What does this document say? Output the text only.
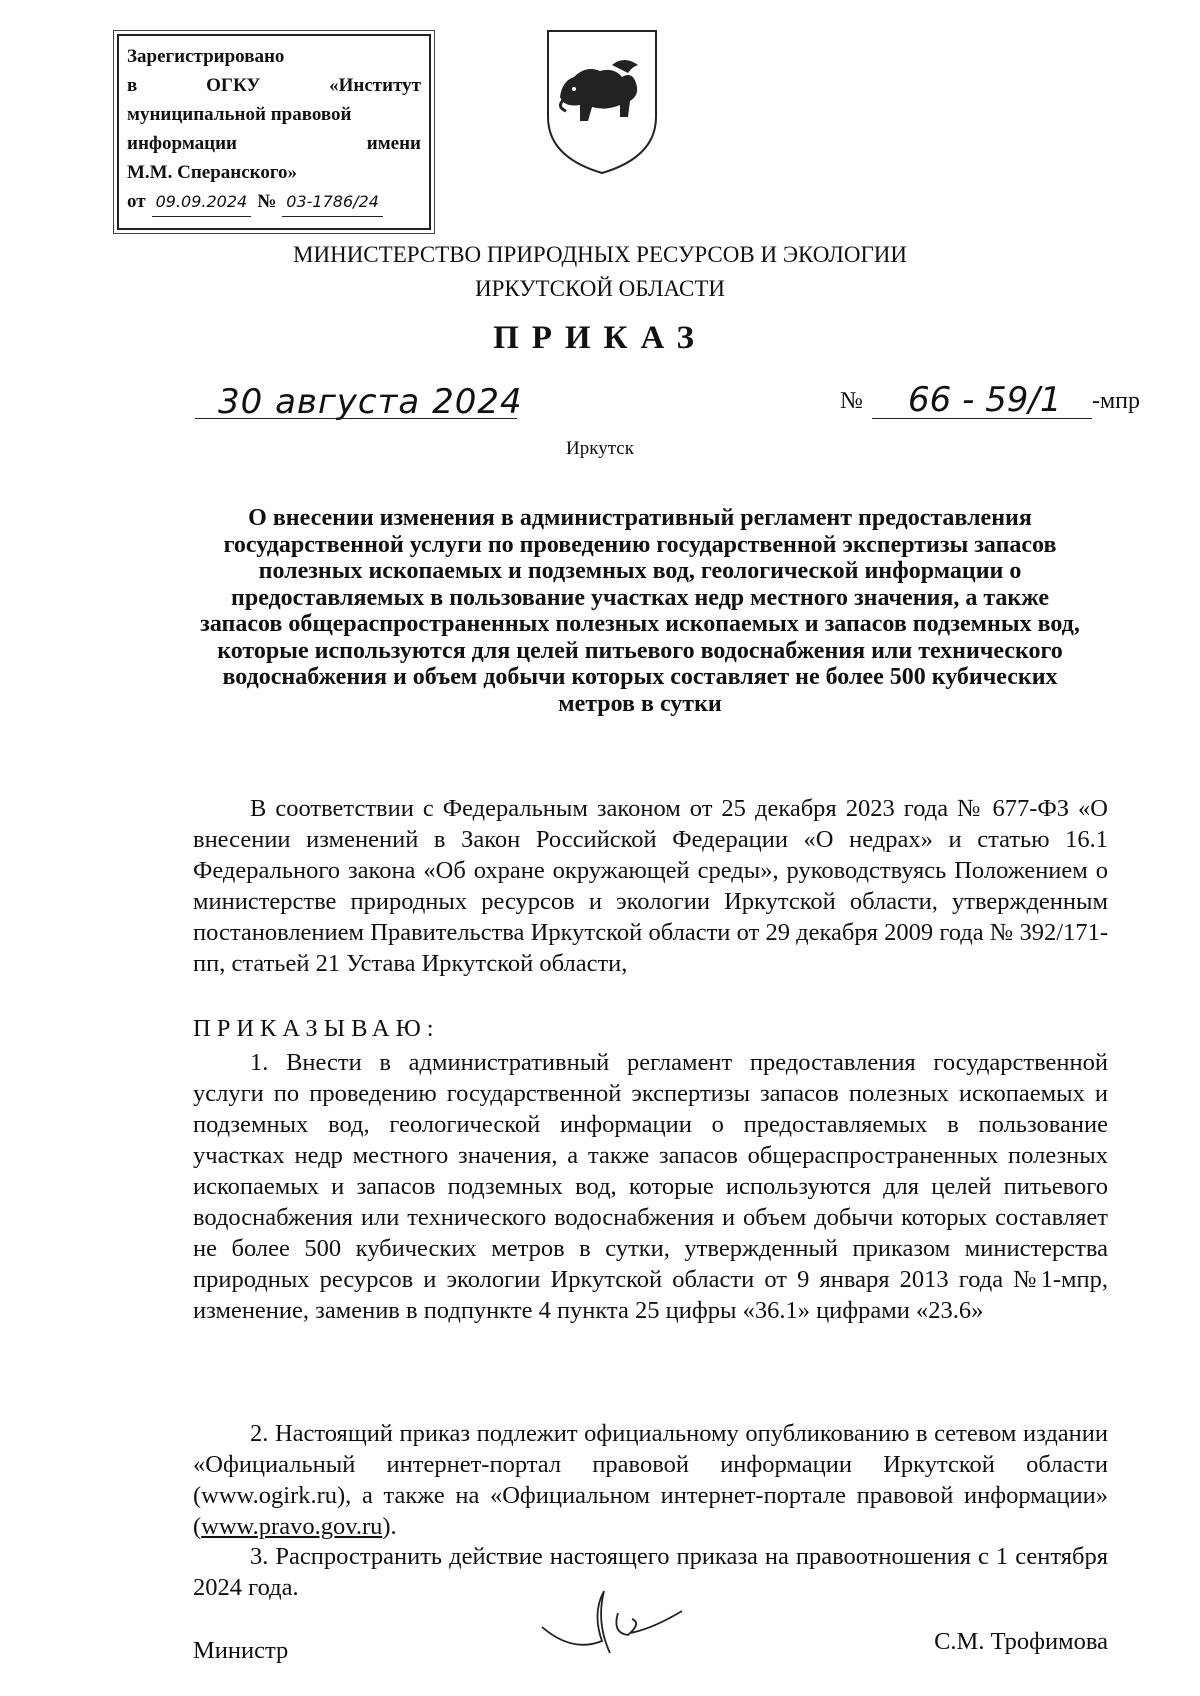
Зарегистрировано
в	ОГКУ	«Институт
муниципальной правовой
информации	имени
М.М. Сперанского»
от 09.09.2024 № 03-1786/24
МИНИСТЕРСТВО ПРИРОДНЫХ РЕСУРСОВ И ЭКОЛОГИИ
ИРКУТСКОЙ ОБЛАСТИ
ПРИКАЗ
30 августа 2024	№ 66 - 59/1 -мпр
Иркутск
О внесении изменения в административный регламент предоставления государственной услуги по проведению государственной экспертизы запасов полезных ископаемых и подземных вод, геологической информации о предоставляемых в пользование участках недр местного значения, а также запасов общераспространенных полезных ископаемых и запасов подземных вод, которые используются для целей питьевого водоснабжения или технического водоснабжения и объем добычи которых составляет не более 500 кубических метров в сутки
В соответствии с Федеральным законом от 25 декабря 2023 года № 677-ФЗ «О внесении изменений в Закон Российской Федерации «О недрах» и статью 16.1 Федерального закона «Об охране окружающей среды», руководствуясь Положением о министерстве природных ресурсов и экологии Иркутской области, утвержденным постановлением Правительства Иркутской области от 29 декабря 2009 года № 392/171-пп, статьей 21 Устава Иркутской области,
ПРИКАЗЫВАЮ:
1. Внести в административный регламент предоставления государственной услуги по проведению государственной экспертизы запасов полезных ископаемых и подземных вод, геологической информации о предоставляемых в пользование участках недр местного значения, а также запасов общераспространенных полезных ископаемых и запасов подземных вод, которые используются для целей питьевого водоснабжения или технического водоснабжения и объем добычи которых составляет не более 500 кубических метров в сутки, утвержденный приказом министерства природных ресурсов и экологии Иркутской области от 9 января 2013 года №1-мпр, изменение, заменив в подпункте 4 пункта 25 цифры «36.1» цифрами «23.6»
2. Настоящий приказ подлежит официальному опубликованию в сетевом издании «Официальный интернет-портал правовой информации Иркутской области (www.ogirk.ru), а также на «Официальном интернет-портале правовой информации» (www.pravo.gov.ru).
3. Распространить действие настоящего приказа на правоотношения с 1 сентября 2024 года.
Министр	С.М. Трофимова
